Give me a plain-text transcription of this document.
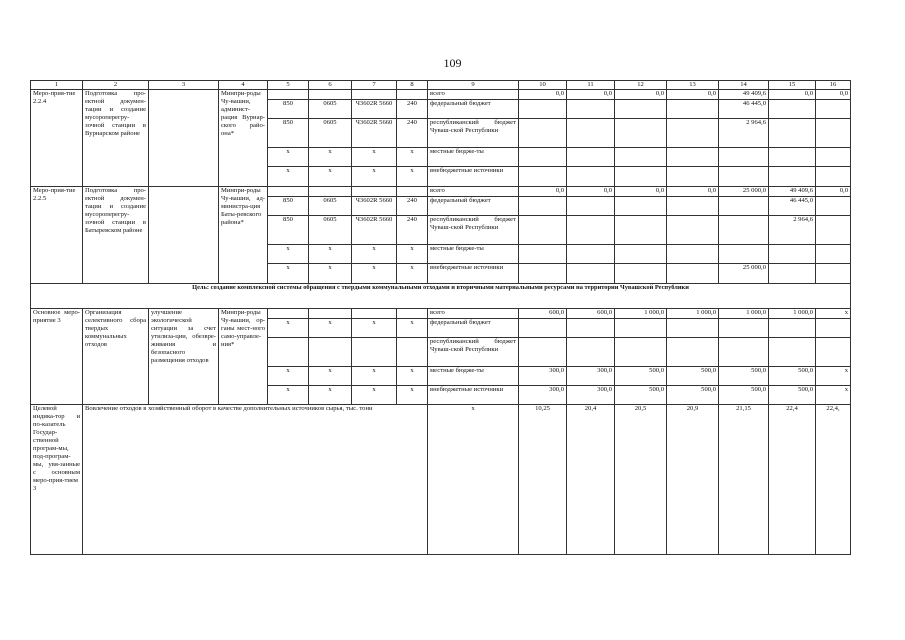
109
1	2	3	4	5	6	7	8	9	10	11	12	13	14	15	16
Меро-прия-тие 2.2.4	Подготовка про-ектной докумен-тации и создание мусороперегру-зочной станции в Вурнарском районе		Минпри-роды Чу-вашии, админист-рация Вурнар-ского райо-она*					всего	0,0	0,0	0,0	0,0	49 409,6	0,0	0,0
				850	0605	Ч3602R 5660	240	федеральный бюджет					46 445,0		
				850	0605	Ч3602R 5660	240	республиканский бюджет Чуваш-ской Республики					2 964,6		
				x	x	x	x	местные бюдже-ты							
				x	x	x	x	внебюджетные источники							
Меро-прия-тие 2.2.5	Подготовка про-ектной докумен-тации и создание мусороперегру-зочной станции в Батыревском районе		Минпри-роды Чу-вашии, ад-министра-ция Баты-ревского района*					всего	0,0	0,0	0,0	0,0	25 000,0	49 409,6	0,0
				850	0605	Ч3602R 5660	240	федеральный бюджет						46 445,0	
				850	0605	Ч3602R 5660	240	республиканский бюджет Чуваш-ской Республики						2 964,6	
				x	x	x	x	местные бюдже-ты							
				x	x	x	x	внебюджетные источники					25 000,0		
Цель: создание комплексной системы обращения с твердыми коммунальными отходами и вторичными материальными ресурсами на территории Чувашской Республики															
Основное меро-приятие 3	Организация селективного сбора твердых коммунальных отходов	улучшение экологической ситуации за счет утилиза-ции, обезвре-живания и безопасного размещения отходов	Минпри-роды Чу-вашии, ор-ганы мест-ного само-управле-ния*					всего	600,0	600,0	1 000,0	1 000,0	1 000,0	1 000,0	x
				x	x	x	x	федеральный бюджет							
								республиканский бюджет Чуваш-ской Республики							
				x	x	x	x	местные бюдже-ты	300,0	300,0	500,0	500,0	500,0	500,0	x
				x	x	x	x	внебюджетные источники	300,0	300,0	500,0	500,0	500,0	500,0	x
Целевой индика-тор и по-казатель Государ-ственной програм-мы, под-програм-мы, увя-занные с основным меро-прия-тием 3	Вовлечение отходов в хозяйственный оборот в качестве дополнительных источников сырья, тыс. тонн							x	10,25	20,4	20,5	20,9	21,15	22,4	22,4,
